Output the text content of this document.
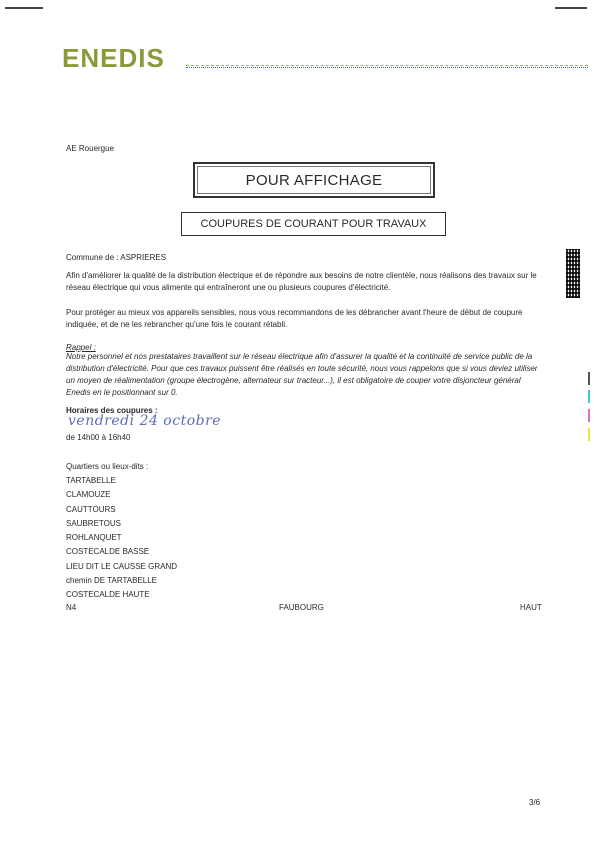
ENEDIS
AE Rouergue
POUR AFFICHAGE
COUPURES DE COURANT POUR TRAVAUX
Commune de : ASPRIERES
Afin d'améliorer la qualité de la distribution électrique et de répondre aux besoins de notre clientèle, nous réalisons des travaux sur le réseau électrique qui vous alimente qui entraîneront une ou plusieurs coupures d'électricité.
Pour protéger au mieux vos appareils sensibles, nous vous recommandons de les débrancher avant l'heure de début de coupure indiquée, et de ne les rebrancher qu'une fois le courant rétabli.
Rappel :
Notre personnel et nos prestataires travaillent sur le réseau électrique afin d'assurer la qualité et la continuité de service public de la distribution d'électricité. Pour que ces travaux puissent être réalisés en toute sécurité, nous vous rappelons que si vous deviez utiliser un moyen de réalimentation (groupe électrogène, alternateur sur tracteur...), il est obligatoire de couper votre disjoncteur général Enedis en le positionnant sur 0.
Horaires des coupures :
vendredi 24 octobre
de 14h00 à 16h40
Quartiers ou lieux-dits :
TARTABELLE
CLAMOUZE
CAUTTOURS
SAUBRETOUS
ROHLANQUET
COSTECALDE BASSE
LIEU DIT LE CAUSSE GRAND
chemin DE TARTABELLE
COSTECALDE HAUTE
N4	FAUBOURG	HAUT
3/6
